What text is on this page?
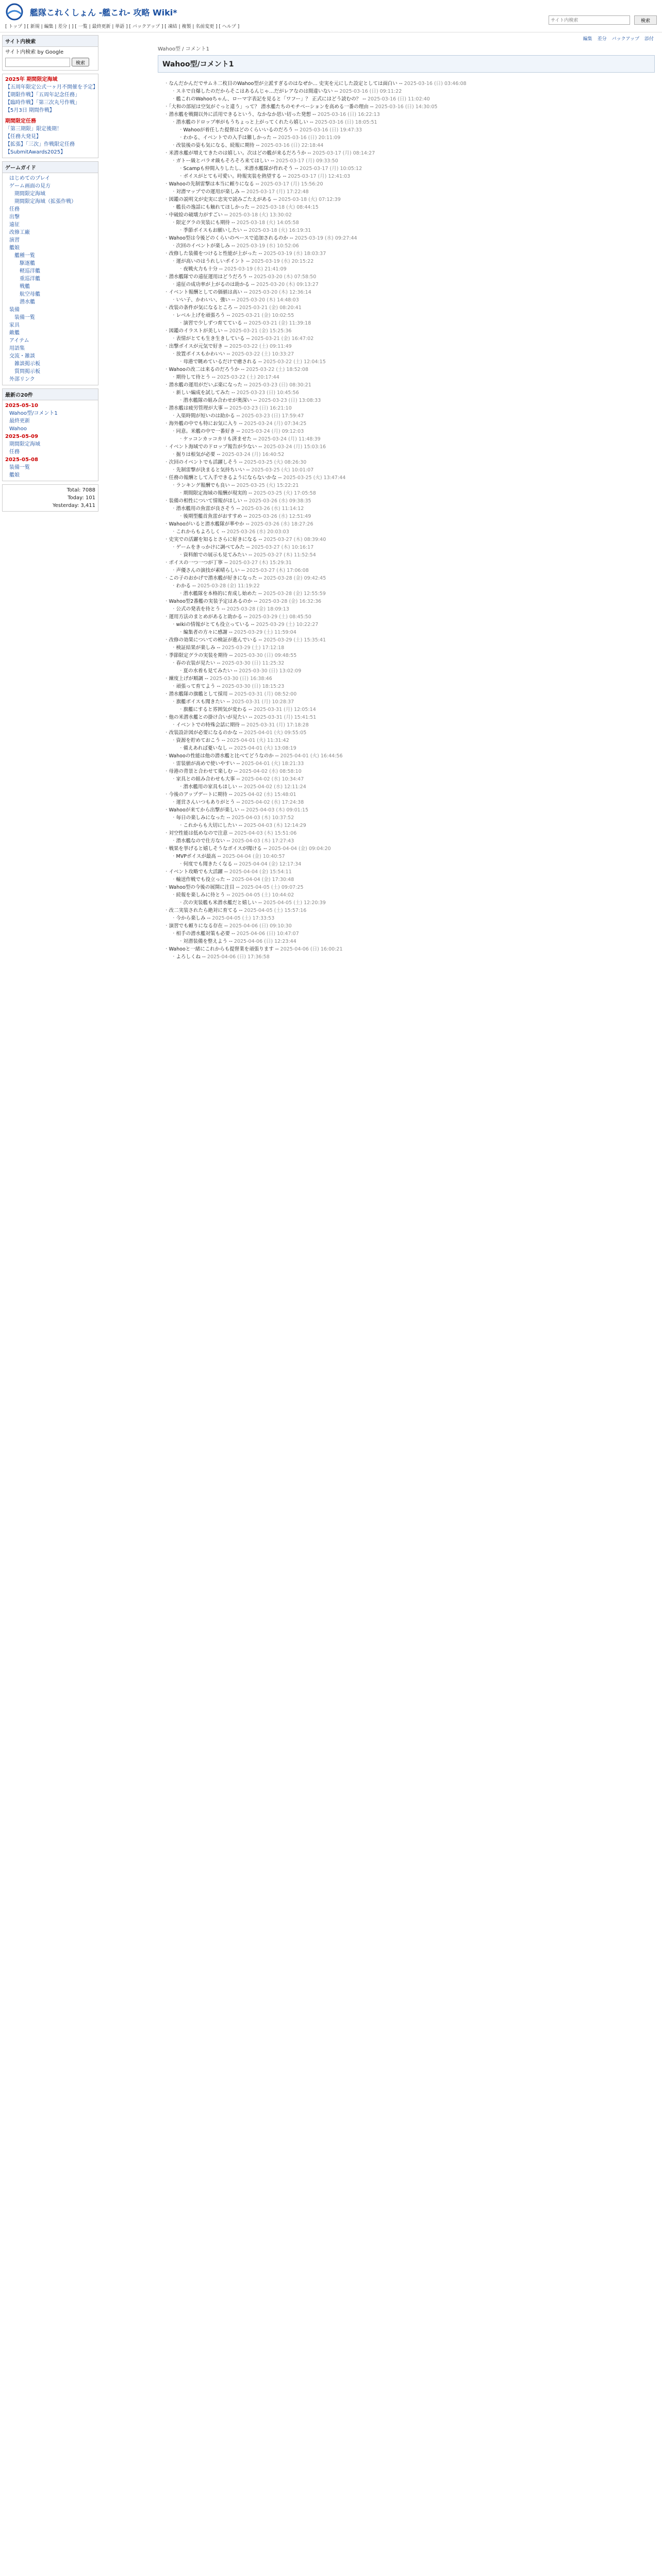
艦隊これくしょん -艦これ- 攻略 Wiki*
[ トップ ] [ 新規 | 編集 | 差分 | ] [ 一覧 | 最終更新 | 単語 ] [ バックアップ ] [ 凍結 | 複製 | 名前変更 ] [ ヘルプ ]
サイト内検索
検索
サイト内検索
サイト内検索 by Google
検索
2025年 期間限定海域
【五周年限定公式一ヶ月不開催を予定】
【期限作戦】「五周年記念任務」
【臨時作戦】「第三次丸号作戦」
【5月3日 期間作戦】
期間限定任務
「第三期限」限定後期！
【任務大発見】
【拡張】「三次」作戦限定任務
【SubmitAwards2025】
ゲームガイド
はじめてのプレイ
ゲーム画面の見方
期間限定海域
期間限定海域（拡張作戦）
任務
出撃
遠征
改修工廠
演習
艦娘
艦種一覧
駆逐艦
軽巡洋艦
重巡洋艦
戦艦
航空母艦
潜水艦
装備
装備一覧
家具
敵艦
アイテム
用語集
交流・雑談
雑談掲示板
質問掲示板
外部リンク
最新の20件
2025-05-10
Wahoo型/コメント1
最終更新
Wahoo
2025-05-09
期間限定海域
任務
2025-05-08
装備一覧
艦娘
Total: 7088
Today: 101
Yesterday: 3,411
編集 差分 バックアップ 添付
Wahoo型 / コメント1
Wahoo型/コメント1
・ なんだかんだでサムネ二枚目のWahoo型が立派すぎるのはなぜか… 史実を元にした設定としては面白い -- 2025-03-16 (日) 03:46:08
・ スネで自爆したのだからそこはあるんじゃ…だがレアなのは間違いない -- 2025-03-16 (日) 09:11:22
・ 艦これのWahooちゃん、ローマ字表記を見ると「ワフー」？ 正式にはどう読むの？ -- 2025-03-16 (日) 11:02:40
・ 「大和の部屋は空気がぐっと違う」って？ 潜水艦たちのモチベーションを高める一番の理由 -- 2025-03-16 (日) 14:30:05
・ 潜水艦を戦闘以外に活用できるという、なかなか思い切った発想 -- 2025-03-16 (日) 16:22:13
・ 潜水艦のドロップ率がもうちょっと上がってくれたら嬉しい -- 2025-03-16 (日) 18:05:51
・ Wahooが着任した提督はどのくらいいるのだろう -- 2025-03-16 (日) 19:47:33
・ わかる、イベントでの入手は難しかった -- 2025-03-16 (日) 20:11:09
・ 改装後の姿も気になる、続報に期待 -- 2025-03-16 (日) 22:18:44
・ 米潜水艦が増えてきたのは嬉しい。次はどの艦が来るだろうか -- 2025-03-17 (月) 08:14:27
・ ガトー級とバラオ級もそろそろ来てほしい -- 2025-03-17 (月) 09:33:50
・ Scampも仲間入りしたし、米潜水艦隊が作れそう -- 2025-03-17 (月) 10:05:12
・ ボイスがとても可愛い。時報実装を熱望する -- 2025-03-17 (月) 12:41:03
・ Wahooの先制雷撃は本当に頼りになる -- 2025-03-17 (月) 15:56:20
・ 対潜マップでの運用が楽しみ -- 2025-03-17 (月) 17:22:48
・ 図鑑の説明文が史実に忠実で読みごたえがある -- 2025-03-18 (火) 07:12:39
・ 艦長の逸話にも触れてほしかった -- 2025-03-18 (火) 08:44:15
・ 中破絵の破壊力がすごい -- 2025-03-18 (火) 13:30:02
・ 限定グラの実装にも期待 -- 2025-03-18 (火) 14:05:58
・ 季節ボイスもお願いしたい -- 2025-03-18 (火) 16:19:31
・ Wahoo型は今後どのくらいのペースで追加されるのか -- 2025-03-19 (水) 09:27:44
・ 次回のイベントが楽しみ -- 2025-03-19 (水) 10:52:06
・ 改修した装備をつけると性能が上がった -- 2025-03-19 (水) 18:03:37
・ 運が高いのはうれしいポイント -- 2025-03-19 (水) 20:15:22
・ 夜戦火力も十分 -- 2025-03-19 (水) 21:41:09
・ 潜水艦隊での遠征運用はどうだろう -- 2025-03-20 (木) 07:58:50
・ 遠征の成功率が上がるのは助かる -- 2025-03-20 (木) 09:13:27
・ イベント報酬としての価値は高い -- 2025-03-20 (木) 12:36:14
・ いい子、かわいい、強い -- 2025-03-20 (木) 14:48:03
・ 改装の条件が気になるところ -- 2025-03-21 (金) 08:20:41
・ レベル上げを頑張ろう -- 2025-03-21 (金) 10:02:55
・ 演習で少しずつ育てている -- 2025-03-21 (金) 11:39:18
・ 図鑑のイラストが美しい -- 2025-03-21 (金) 15:25:36
・ 表情がとても生き生きしている -- 2025-03-21 (金) 16:47:02
・ 出撃ボイスが元気で好き -- 2025-03-22 (土) 09:11:49
・ 放置ボイスもかわいい -- 2025-03-22 (土) 10:33:27
・ 母港で眺めているだけで癒される -- 2025-03-22 (土) 12:04:15
・ Wahooの改二は来るのだろうか -- 2025-03-22 (土) 18:52:08
・ 期待して待とう -- 2025-03-22 (土) 20:17:44
・ 潜水艦の運用がだいぶ楽になった -- 2025-03-23 (日) 08:30:21
・ 新しい編成を試してみた -- 2025-03-23 (日) 10:45:56
・ 潜水艦隊の組み合わせが奥深い -- 2025-03-23 (日) 13:08:33
・ 潜水艦は疲労管理が大事 -- 2025-03-23 (日) 16:21:10
・ 入渠時間が短いのは助かる -- 2025-03-23 (日) 17:59:47
・ 海外艦の中でも特にお気に入り -- 2025-03-24 (月) 07:34:25
・ 同意。米艦の中で一番好き -- 2025-03-24 (月) 09:12:03
・ ケッコンカッコカリも済ませた -- 2025-03-24 (月) 11:48:39
・ イベント海域でのドロップ報告が少ない -- 2025-03-24 (月) 15:03:16
・ 掘りは根気が必要 -- 2025-03-24 (月) 16:40:52
・ 次回のイベントでも活躍しそう -- 2025-03-25 (火) 08:26:30
・ 先制雷撃が決まると気持ちいい -- 2025-03-25 (火) 10:01:07
・ 任務の報酬として入手できるようにならないかな -- 2025-03-25 (火) 13:47:44
・ ランキング報酬でも良い -- 2025-03-25 (火) 15:22:21
・ 期間限定海域の報酬が現実的 -- 2025-03-25 (火) 17:05:58
・ 装備の相性について情報がほしい -- 2025-03-26 (水) 09:38:35
・ 潜水艦用の魚雷が良さそう -- 2025-03-26 (水) 11:14:12
・ 後期型艦首魚雷がおすすめ -- 2025-03-26 (水) 12:51:49
・ Wahooがいると潜水艦隊が華やか -- 2025-03-26 (水) 18:27:26
・ これからもよろしく -- 2025-03-26 (水) 20:03:03
・ 史実での活躍を知るとさらに好きになる -- 2025-03-27 (木) 08:39:40
・ ゲームをきっかけに調べてみた -- 2025-03-27 (木) 10:16:17
・ 資料館での展示も見てみたい -- 2025-03-27 (木) 11:52:54
・ ボイスの一つ一つが丁寧 -- 2025-03-27 (木) 15:29:31
・ 声優さんの演技が素晴らしい -- 2025-03-27 (木) 17:06:08
・ この子のおかげで潜水艦が好きになった -- 2025-03-28 (金) 09:42:45
・ わかる -- 2025-03-28 (金) 11:19:22
・ 潜水艦隊を本格的に育成し始めた -- 2025-03-28 (金) 12:55:59
・ Wahoo型2番艦の実装予定はあるのか -- 2025-03-28 (金) 16:32:36
・ 公式の発表を待とう -- 2025-03-28 (金) 18:09:13
・ 運用方法のまとめがあると助かる -- 2025-03-29 (土) 08:45:50
・ wikiの情報がとても役立っている -- 2025-03-29 (土) 10:22:27
・ 編集者の方々に感謝 -- 2025-03-29 (土) 11:59:04
・ 改修の効果についての検証が進んでいる -- 2025-03-29 (土) 15:35:41
・ 検証結果が楽しみ -- 2025-03-29 (土) 17:12:18
・ 季節限定グラの実装を期待 -- 2025-03-30 (日) 09:48:55
・ 春の衣装が見たい -- 2025-03-30 (日) 11:25:32
・ 夏の水着も見てみたい -- 2025-03-30 (日) 13:02:09
・ 練度上げが順調 -- 2025-03-30 (日) 16:38:46
・ 頑張って育てよう -- 2025-03-30 (日) 18:15:23
・ 潜水艦隊の旗艦として採用 -- 2025-03-31 (月) 08:52:00
・ 旗艦ボイスも聞きたい -- 2025-03-31 (月) 10:28:37
・ 旗艦にすると雰囲気が変わる -- 2025-03-31 (月) 12:05:14
・ 他の米潜水艦との掛け合いが見たい -- 2025-03-31 (月) 15:41:51
・ イベントでの特殊会話に期待 -- 2025-03-31 (月) 17:18:28
・ 改装設計図が必要になるのかな -- 2025-04-01 (火) 09:55:05
・ 資源を貯めておこう -- 2025-04-01 (火) 11:31:42
・ 備えあれば憂いなし -- 2025-04-01 (火) 13:08:19
・ Wahooの性能は他の潜水艦と比べてどうなのか -- 2025-04-01 (火) 16:44:56
・ 雷装値が高めで使いやすい -- 2025-04-01 (火) 18:21:33
・ 母港の背景と合わせて楽しむ -- 2025-04-02 (水) 08:58:10
・ 家具との組み合わせも大事 -- 2025-04-02 (水) 10:34:47
・ 潜水艦用の家具もほしい -- 2025-04-02 (水) 12:11:24
・ 今後のアップデートに期待 -- 2025-04-02 (水) 15:48:01
・ 運営さんいつもありがとう -- 2025-04-02 (水) 17:24:38
・ Wahooが来てから出撃が楽しい -- 2025-04-03 (木) 09:01:15
・ 毎日の楽しみになった -- 2025-04-03 (木) 10:37:52
・ これからも大切にしたい -- 2025-04-03 (木) 12:14:29
・ 対空性能は低めなので注意 -- 2025-04-03 (木) 15:51:06
・ 潜水艦なので仕方ない -- 2025-04-03 (木) 17:27:43
・ 戦果を挙げると嬉しそうなボイスが聞ける -- 2025-04-04 (金) 09:04:20
・ MVPボイスが最高 -- 2025-04-04 (金) 10:40:57
・ 何度でも聞きたくなる -- 2025-04-04 (金) 12:17:34
・ イベント攻略でも大活躍 -- 2025-04-04 (金) 15:54:11
・ 輸送作戦でも役立った -- 2025-04-04 (金) 17:30:48
・ Wahoo型の今後の展開に注目 -- 2025-04-05 (土) 09:07:25
・ 続報を楽しみに待とう -- 2025-04-05 (土) 10:44:02
・ 次の実装艦も米潜水艦だと嬉しい -- 2025-04-05 (土) 12:20:39
・ 改二実装されたら絶対に育てる -- 2025-04-05 (土) 15:57:16
・ 今から楽しみ -- 2025-04-05 (土) 17:33:53
・ 演習でも頼りになる存在 -- 2025-04-06 (日) 09:10:30
・ 相手の潜水艦対策も必要 -- 2025-04-06 (日) 10:47:07
・ 対潜装備を整えよう -- 2025-04-06 (日) 12:23:44
・ Wahooと一緒にこれからも提督業を頑張ります -- 2025-04-06 (日) 16:00:21
・ よろしくね -- 2025-04-06 (日) 17:36:58
